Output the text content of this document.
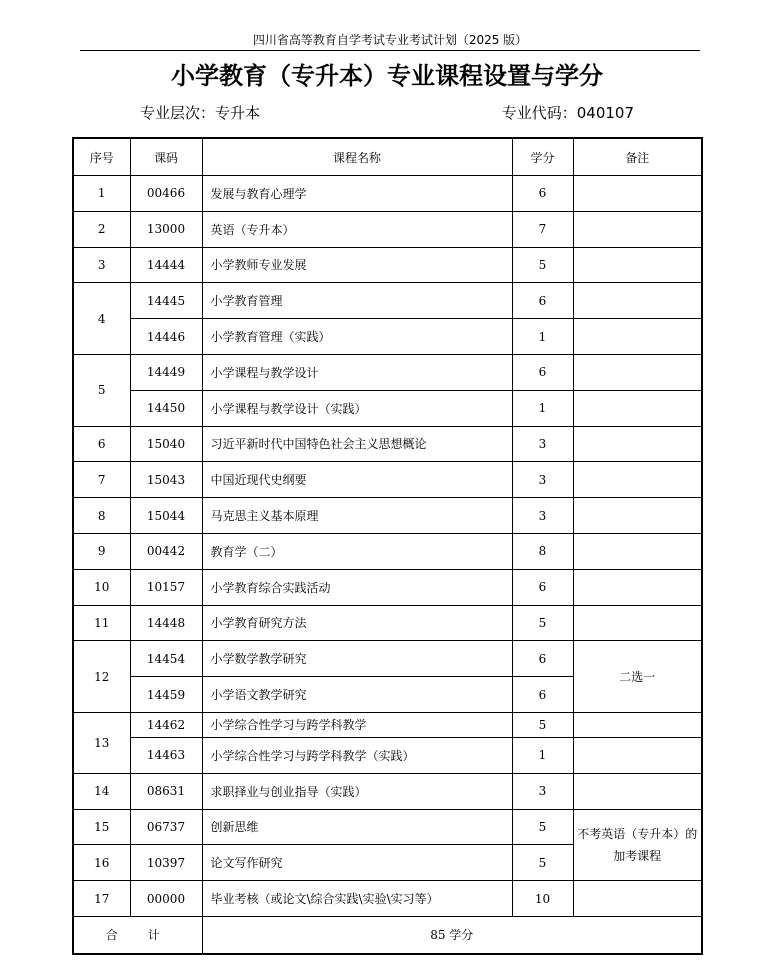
四川省高等教育自学考试专业考试计划（2025 版）
小学教育（专升本）专业课程设置与学分
专业层次：专升本	专业代码：040107
序号	课码	课程名称	学分	备注
1	00466	发展与教育心理学	6	
2	13000	英语（专升本）	7	
3	14444	小学教师专业发展	5	
4	14445	小学教育管理	6	
	14446	小学教育管理（实践）	1	
5	14449	小学课程与教学设计	6	
	14450	小学课程与教学设计（实践）	1	
6	15040	习近平新时代中国特色社会主义思想概论	3	
7	15043	中国近现代史纲要	3	
8	15044	马克思主义基本原理	3	
9	00442	教育学（二）	8	
10	10157	小学教育综合实践活动	6	
11	14448	小学教育研究方法	5	
12	14454	小学数学教学研究	6	二选一
	14459	小学语文教学研究	6	
13	14462	小学综合性学习与跨学科教学	5	
	14463	小学综合性学习与跨学科教学（实践）	1	
14	08631	求职择业与创业指导（实践）	3	
15	06737	创新思维	5	不考英语（专升本）的
加考课程
16	10397	论文写作研究	5	
17	00000	毕业考核（或论文\综合实践\实验\实习等）	10	
合计		85 学分		
